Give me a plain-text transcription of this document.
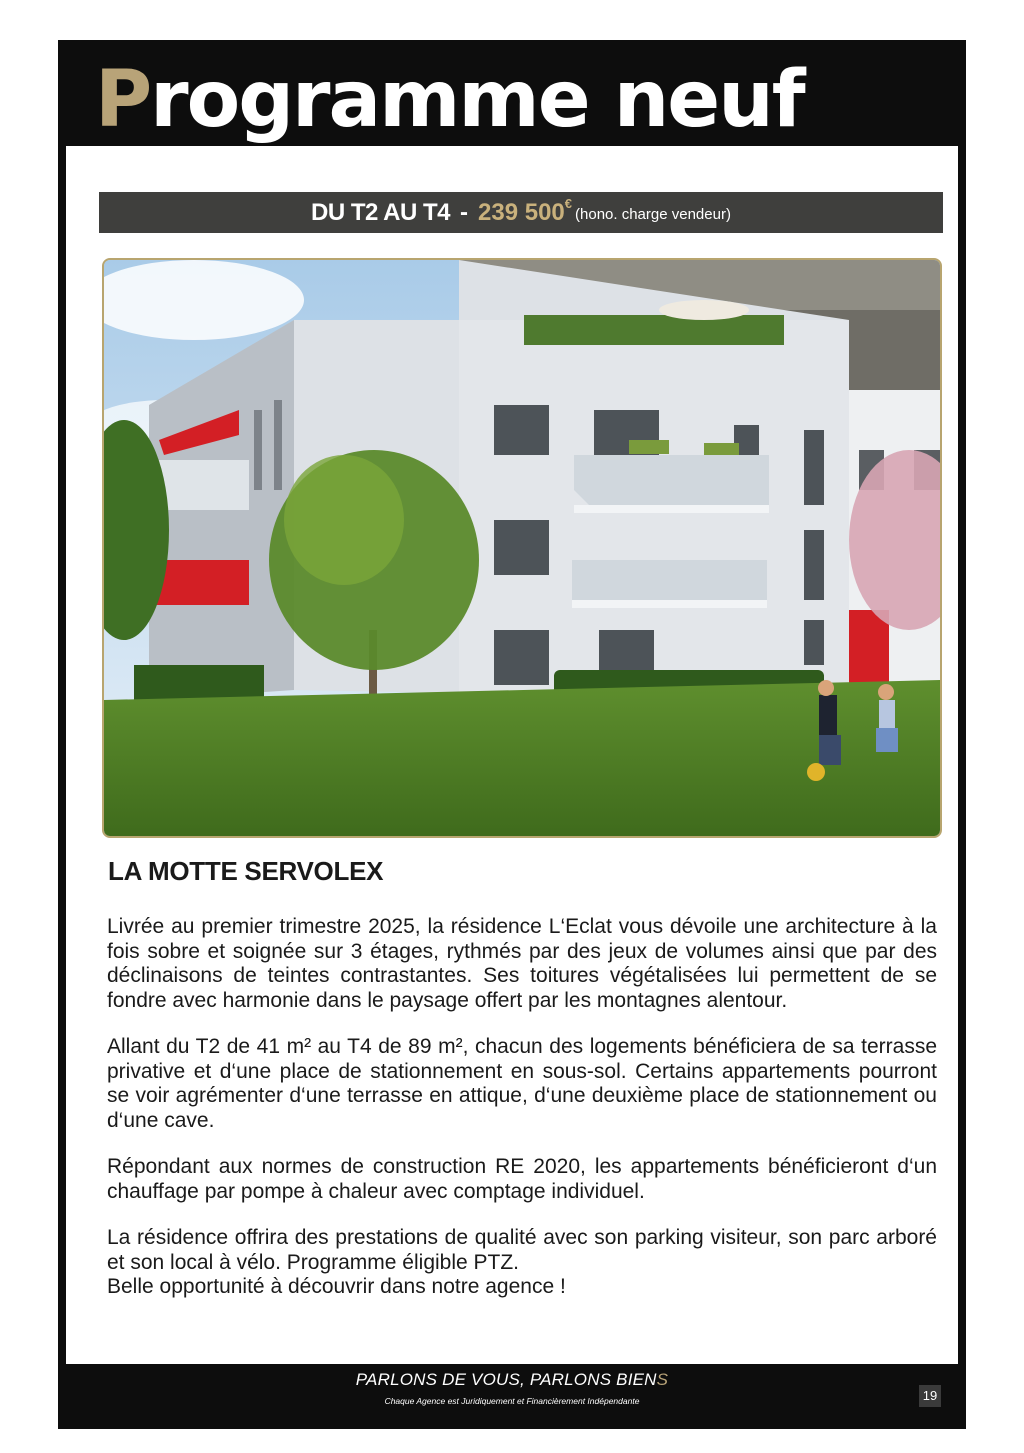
Programme neuf
DU T2 AU T4 - 239 500 €
(hono. charge vendeur)
LA MOTTE SERVOLEX

Livrée au premier trimestre 2025, la résidence L‘Eclat vous dévoile une architecture à la fois sobre et soignée sur 3 étages, rythmés par des jeux de volumes ainsi que par des déclinaisons de teintes contrastantes. Ses toitures végétalisées lui permettent de se fondre avec harmonie dans le paysage offert par les montagnes alentour.

Allant du T2 de 41 m² au T4 de 89 m², chacun des logements bénéficiera de sa terrasse privative et d‘une place de stationnement en sous-sol. Certains appartements pourront se voir agrémenter d‘une terrasse en attique, d‘une deuxième place de stationnement ou d‘une cave.

Répondant aux normes de construction RE 2020, les appartements bénéficieront d‘un chauffage par pompe à chaleur avec comptage individuel.

La résidence offrira des prestations de qualité avec son parking visiteur, son parc arboré et son local à vélo. Programme éligible PTZ.

Belle opportunité à découvrir dans notre agence !

PARLONS DE VOUS, PARLONS BIENS
Chaque Agence est Juridiquement et Financièrement Indépendante	19
